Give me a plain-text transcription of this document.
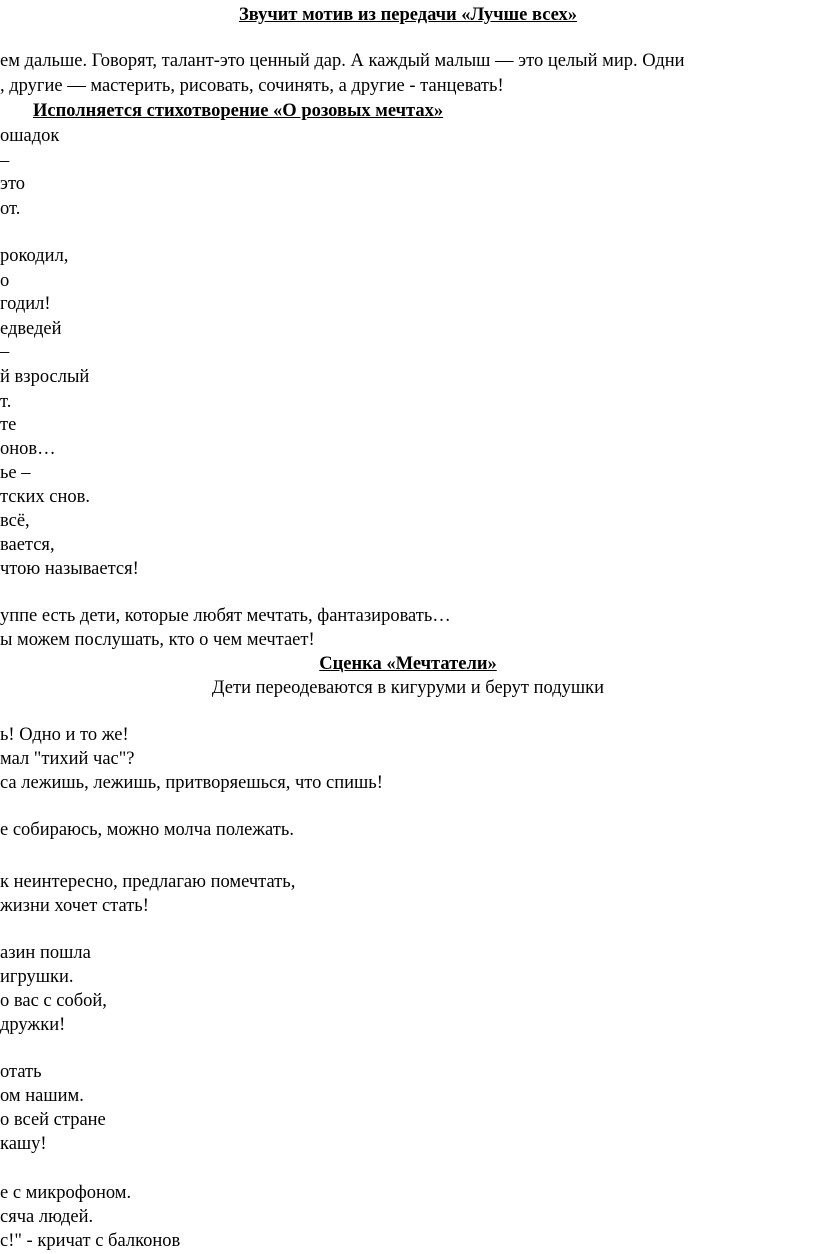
Звучит мотив из передачи «Лучше всех»
ем дальше. Говорят, талант-это ценный дар. А каждый малыш — это целый мир. Одни
, другие — мастерить, рисовать, сочинять, а другие - танцевать!
Исполняется стихотворение «О розовых мечтах»
ошадок
–
это
от.
рокодил,
о
годил!
едведей
–
й взрослый
т.
те
онов…
ье –
тских снов.
всё,
вается,
чтою называется!
уппе есть дети, которые любят мечтать, фантазировать…
ы можем послушать, кто о чем мечтает!
Сценка «Мечтатели»
Дети переодеваются в кигуруми и берут подушки
ь! Одно и то же!
мал "тихий час"?
са лежишь, лежишь, притворяешься, что спишь!
е собираюсь, можно молча полежать.
к неинтересно, предлагаю помечтать,
жизни хочет стать!
азин пошла
игрушки.
о вас с собой,
дружки!
отать
ом нашим.
о всей стране
кашу!
е с микрофоном.
сяча людей.
с!" - кричат с балконов
